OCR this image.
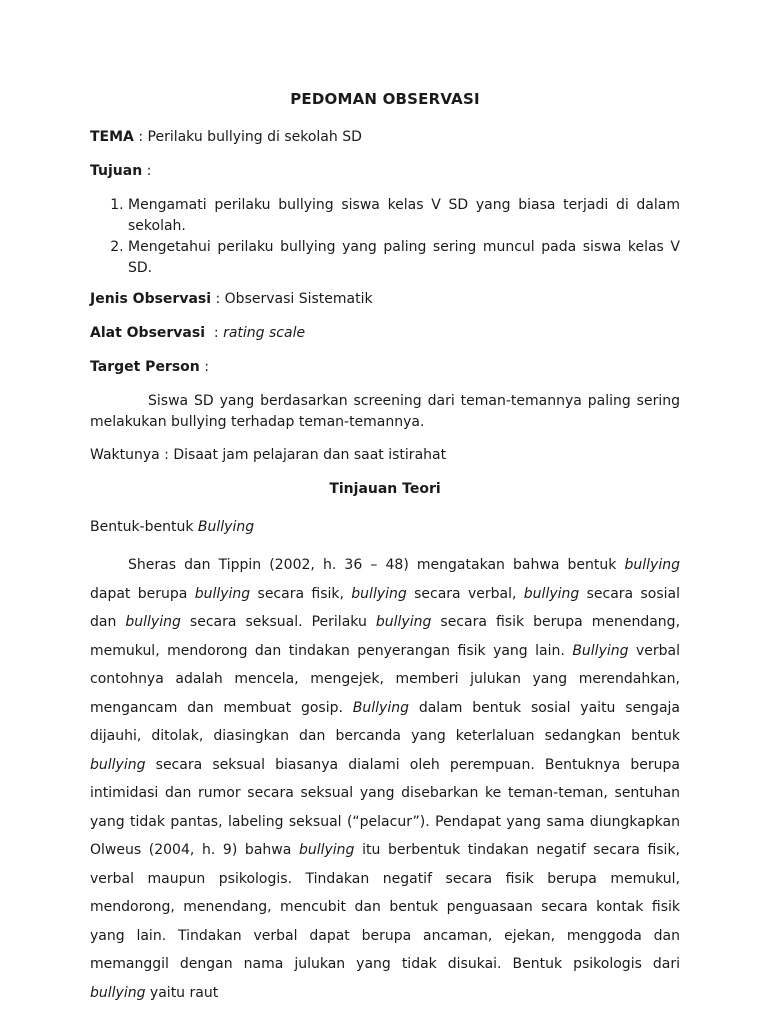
PEDOMAN OBSERVASI
TEMA : Perilaku bullying di sekolah SD
Tujuan :
1. Mengamati perilaku bullying siswa kelas V SD yang biasa terjadi di dalam sekolah.
2. Mengetahui perilaku bullying yang paling sering muncul pada siswa kelas V SD.
Jenis Observasi : Observasi Sistematik
Alat Observasi  : rating scale
Target Person :

Siswa SD yang berdasarkan screening dari teman-temannya paling sering melakukan bullying terhadap teman-temannya.

Waktunya : Disaat jam pelajaran dan saat istirahat
Tinjauan Teori
Bentuk-bentuk Bullying

Sheras dan Tippin (2002, h. 36 – 48) mengatakan bahwa bentuk bullying dapat berupa bullying secara fisik, bullying secara verbal, bullying secara sosial dan bullying secara seksual. Perilaku bullying secara fisik berupa menendang, memukul, mendorong dan tindakan penyerangan fisik yang lain. Bullying verbal contohnya adalah mencela, mengejek, memberi julukan yang merendahkan, mengancam dan membuat gosip. Bullying dalam bentuk sosial yaitu sengaja dijauhi, ditolak, diasingkan dan bercanda yang keterlaluan sedangkan bentuk bullying secara seksual biasanya dialami oleh perempuan. Bentuknya berupa intimidasi dan rumor secara seksual yang disebarkan ke teman-teman, sentuhan yang tidak pantas, labeling seksual (“pelacur”). Pendapat yang sama diungkapkan Olweus (2004, h. 9) bahwa bullying itu berbentuk tindakan negatif secara fisik, verbal maupun psikologis. Tindakan negatif secara fisik berupa memukul, mendorong, menendang, mencubit dan bentuk penguasaan secara kontak fisik yang lain. Tindakan verbal dapat berupa ancaman, ejekan, menggoda dan memanggil dengan nama julukan yang tidak disukai. Bentuk psikologis dari bullying yaitu raut
